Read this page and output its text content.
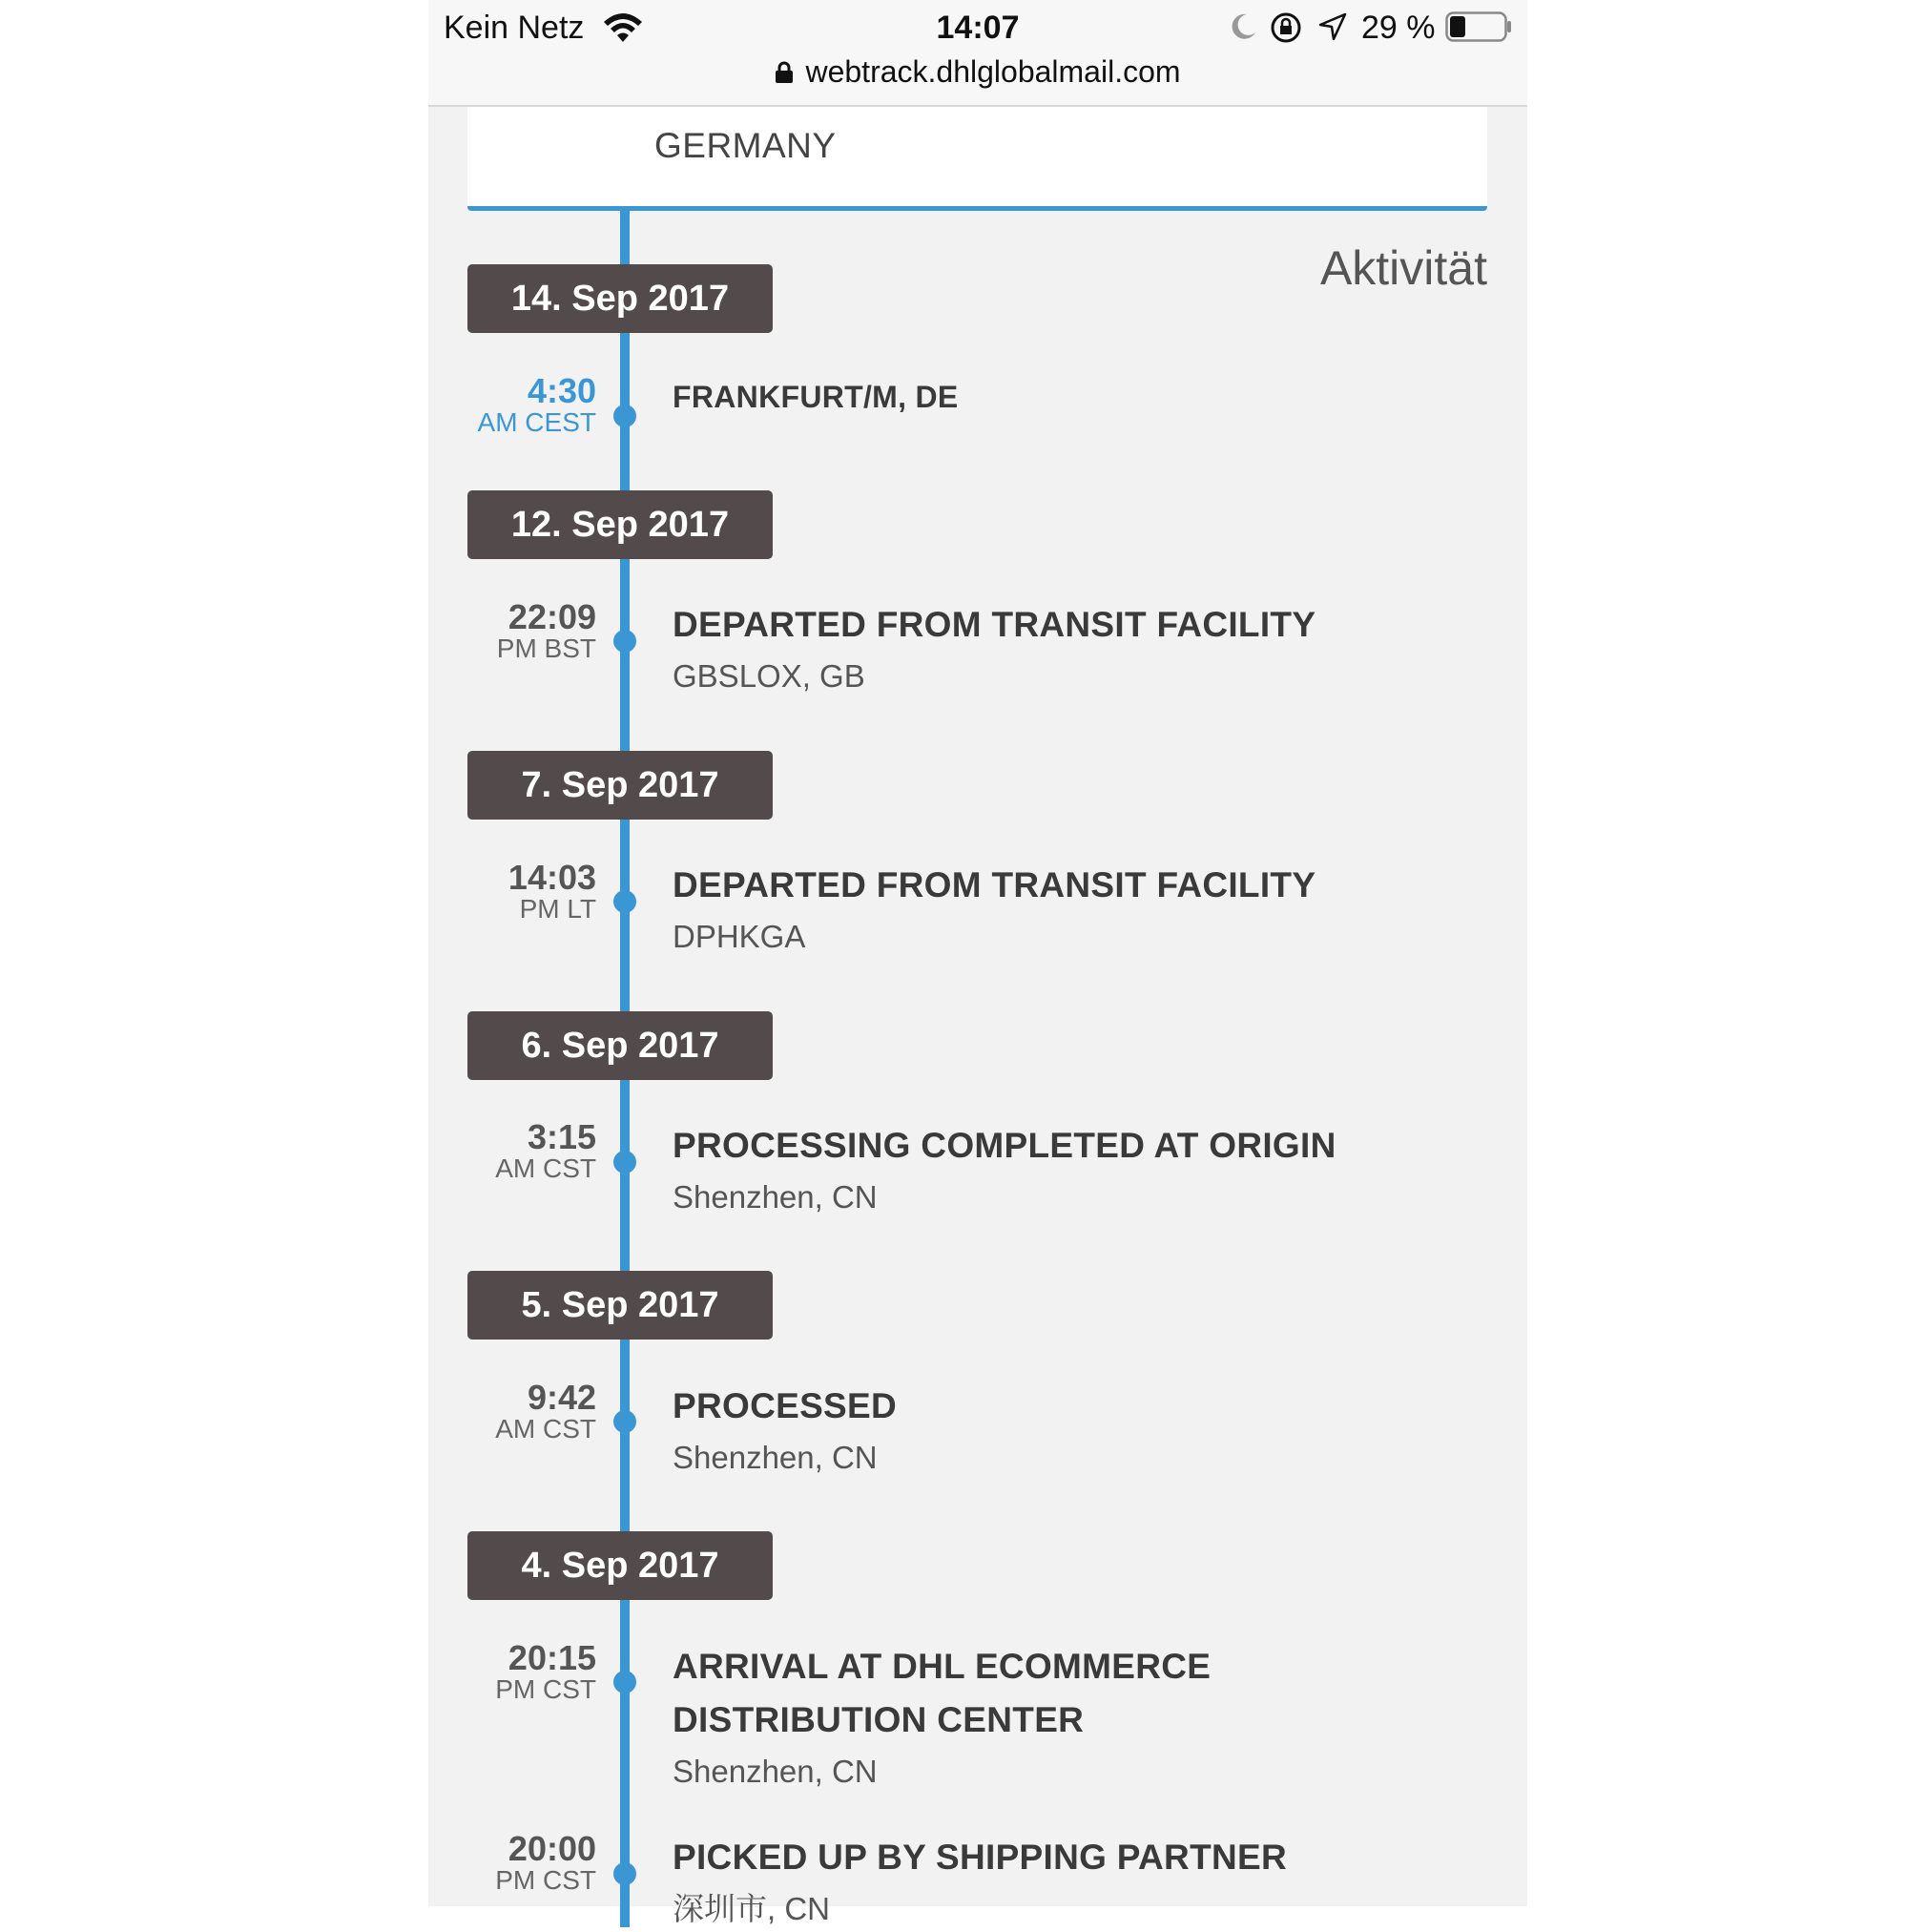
Kein Netz	14:07	29 %
webtrack.dhlglobalmail.com
GERMANY
Aktivität
14. Sep 2017
4:30
AM CEST
FRANKFURT/M, DE
12. Sep 2017
22:09
PM BST
DEPARTED FROM TRANSIT FACILITY
GBSLOX, GB
7. Sep 2017
14:03
PM LT
DEPARTED FROM TRANSIT FACILITY
DPHKGA
6. Sep 2017
3:15
AM CST
PROCESSING COMPLETED AT ORIGIN
Shenzhen, CN
5. Sep 2017
9:42
AM CST
PROCESSED
Shenzhen, CN
4. Sep 2017
20:15
PM CST
ARRIVAL AT DHL ECOMMERCE
DISTRIBUTION CENTER
Shenzhen, CN
20:00
PM CST
PICKED UP BY SHIPPING PARTNER
深圳市, CN
